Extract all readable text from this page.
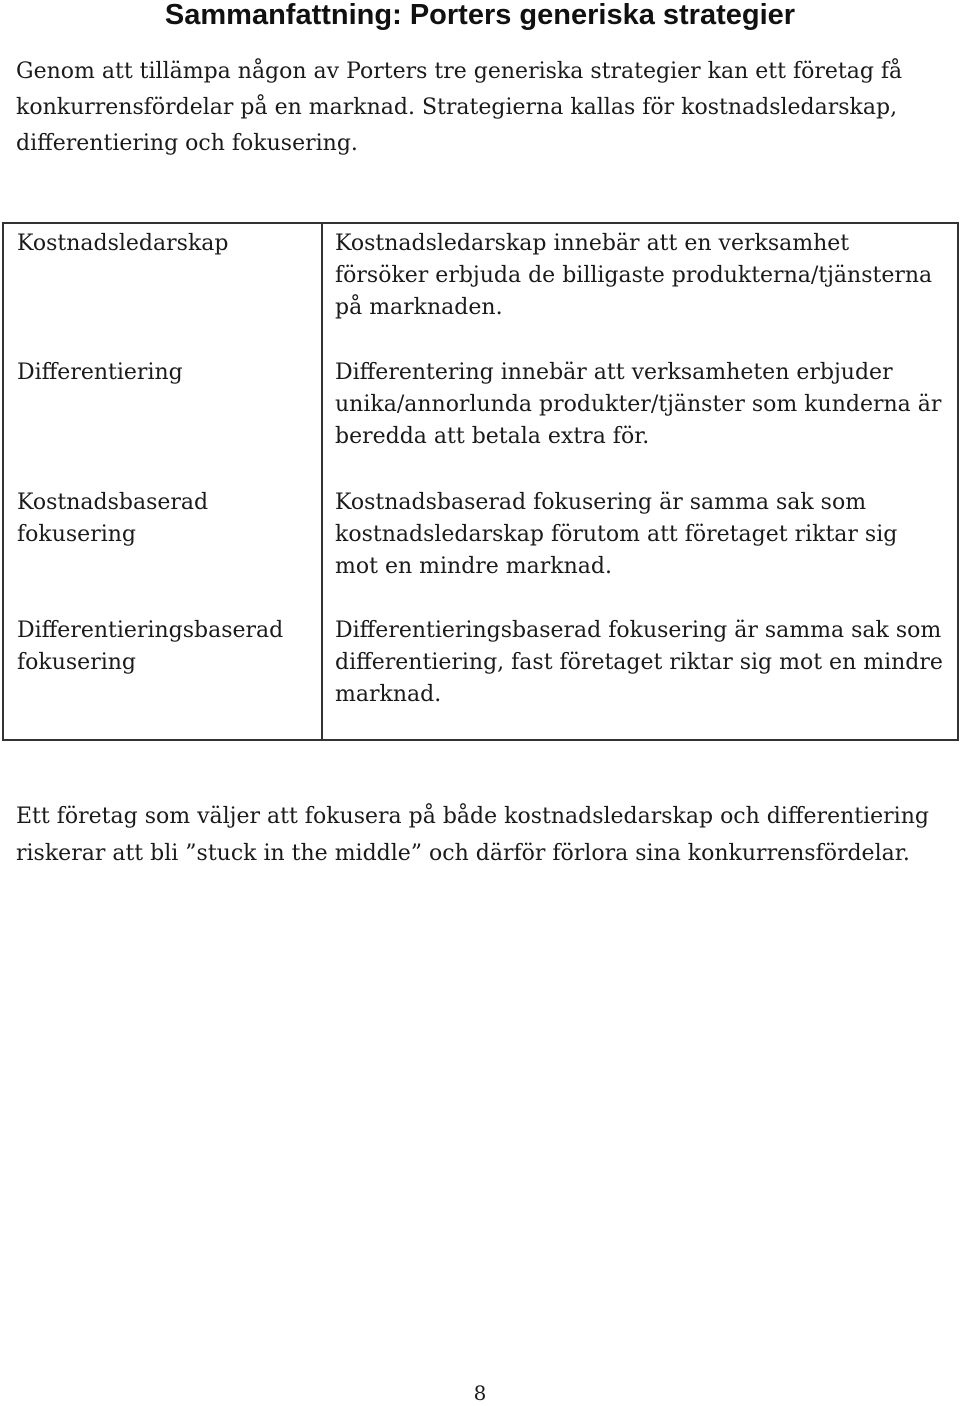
Sammanfattning: Porters generiska strategier

Genom att tillämpa någon av Porters tre generiska strategier kan ett företag få konkurrensfördelar på en marknad. Strategierna kallas för kostnadsledarskap, differentiering och fokusering.

Kostnadsledarskap	Kostnadsledarskap innebär att en verksamhet försöker erbjuda de billigaste produkterna/tjänsterna på marknaden.
Differentiering	Differentering innebär att verksamheten erbjuder unika/annorlunda produkter/tjänster som kunderna är beredda att betala extra för.
Kostnadsbaserad fokusering	Kostnadsbaserad fokusering är samma sak som kostnadsledarskap förutom att företaget riktar sig mot en mindre marknad.
Differentieringsbaserad fokusering	Differentieringsbaserad fokusering är samma sak som differentiering, fast företaget riktar sig mot en mindre marknad.

Ett företag som väljer att fokusera på både kostnadsledarskap och differentiering riskerar att bli ”stuck in the middle” och därför förlora sina konkurrensfördelar.

8
